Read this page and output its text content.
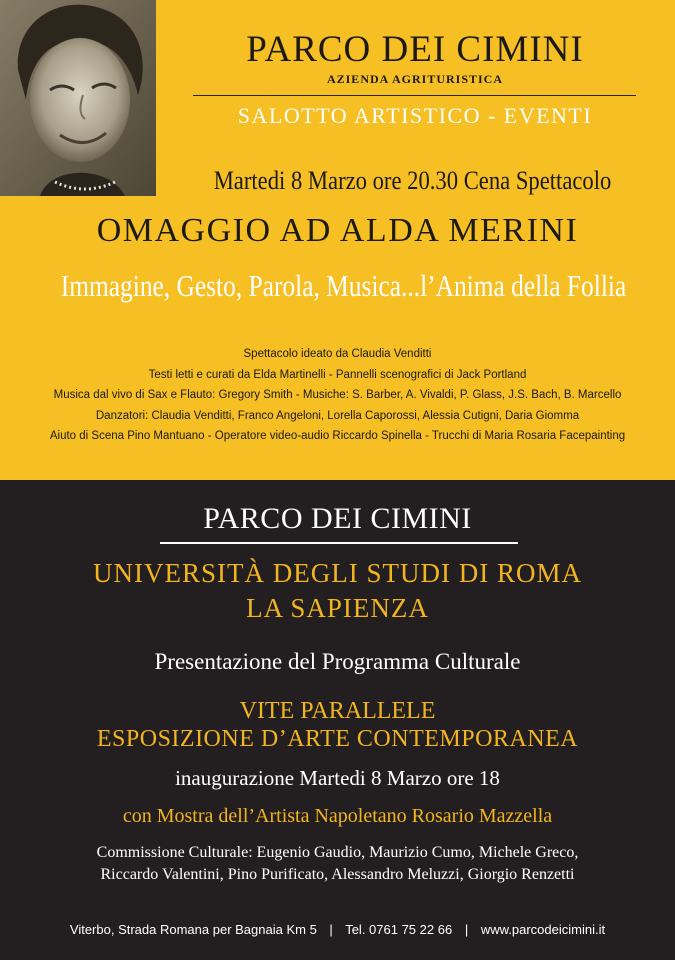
PARCO DEI CIMINI
AZIENDA AGRITURISTICA
SALOTTO ARTISTICO - EVENTI
Martedi 8 Marzo ore 20.30 Cena Spettacolo
OMAGGIO AD ALDA MERINI
Immagine, Gesto, Parola, Musica...l’Anima della Follia
Spettacolo ideato da Claudia Venditti
Testi letti e curati da Elda Martinelli - Pannelli scenografici di Jack Portland
Musica dal vivo di Sax e Flauto: Gregory Smith - Musiche: S. Barber, A. Vivaldi, P. Glass, J.S. Bach, B. Marcello
Danzatori: Claudia Venditti, Franco Angeloni, Lorella Caporossi, Alessia Cutigni, Daria Giomma
Aiuto di Scena Pino Mantuano - Operatore video-audio Riccardo Spinella - Trucchi di Maria Rosaria Facepainting
PARCO DEI CIMINI
UNIVERSITÀ DEGLI STUDI DI ROMA
LA SAPIENZA
Presentazione del Programma Culturale
VITE PARALLELE
ESPOSIZIONE D’ARTE CONTEMPORANEA
inaugurazione Martedi 8 Marzo ore 18
con Mostra dell’Artista Napoletano Rosario Mazzella
Commissione Culturale: Eugenio Gaudio, Maurizio Cumo, Michele Greco,
Riccardo Valentini, Pino Purificato, Alessandro Meluzzi, Giorgio Renzetti
Viterbo, Strada Romana per Bagnaia Km 5 | Tel. 0761 75 22 66 | www.parcodeicimini.it
